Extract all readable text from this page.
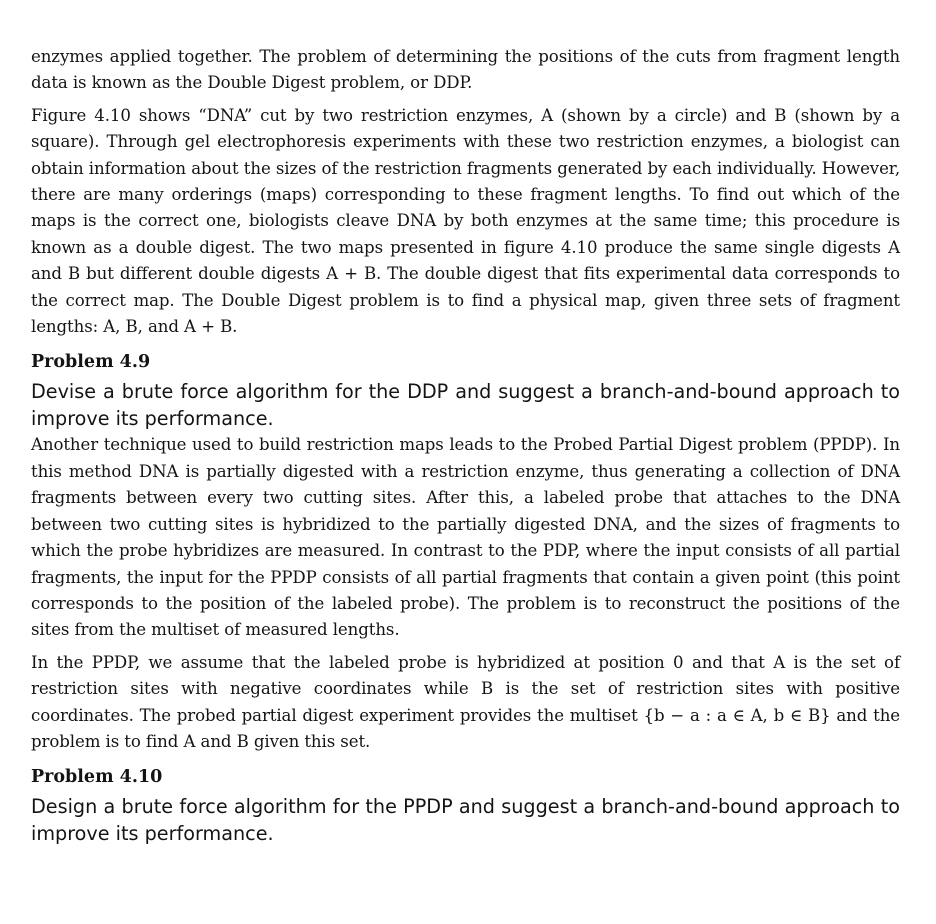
enzymes applied together. The problem of determining the positions of the cuts from fragment length data is known as the Double Digest problem, or DDP.

Figure 4.10 shows “DNA” cut by two restriction enzymes, A (shown by a circle) and B (shown by a square). Through gel electrophoresis experiments with these two restriction enzymes, a biologist can obtain information about the sizes of the restriction fragments generated by each individually. However, there are many orderings (maps) corresponding to these fragment lengths. To find out which of the maps is the correct one, biologists cleave DNA by both enzymes at the same time; this procedure is known as a double digest. The two maps presented in figure 4.10 produce the same single digests A and B but different double digests A + B. The double digest that fits experimental data corresponds to the correct map. The Double Digest problem is to find a physical map, given three sets of fragment lengths: A, B, and A + B.

Problem 4.9

Devise a brute force algorithm for the DDP and suggest a branch-and-bound approach to improve its performance.

Another technique used to build restriction maps leads to the Probed Partial Digest problem (PPDP). In this method DNA is partially digested with a restriction enzyme, thus generating a collection of DNA fragments between every two cutting sites. After this, a labeled probe that attaches to the DNA between two cutting sites is hybridized to the partially digested DNA, and the sizes of fragments to which the probe hybridizes are measured. In contrast to the PDP, where the input consists of all partial fragments, the input for the PPDP consists of all partial fragments that contain a given point (this point corresponds to the position of the labeled probe). The problem is to reconstruct the positions of the sites from the multiset of measured lengths.

In the PPDP, we assume that the labeled probe is hybridized at position 0 and that A is the set of restriction sites with negative coordinates while B is the set of restriction sites with positive coordinates. The probed partial digest experiment provides the multiset {b − a : a ∈ A, b ∈ B} and the problem is to find A and B given this set.

Problem 4.10

Design a brute force algorithm for the PPDP and suggest a branch-and-bound approach to improve its performance.
